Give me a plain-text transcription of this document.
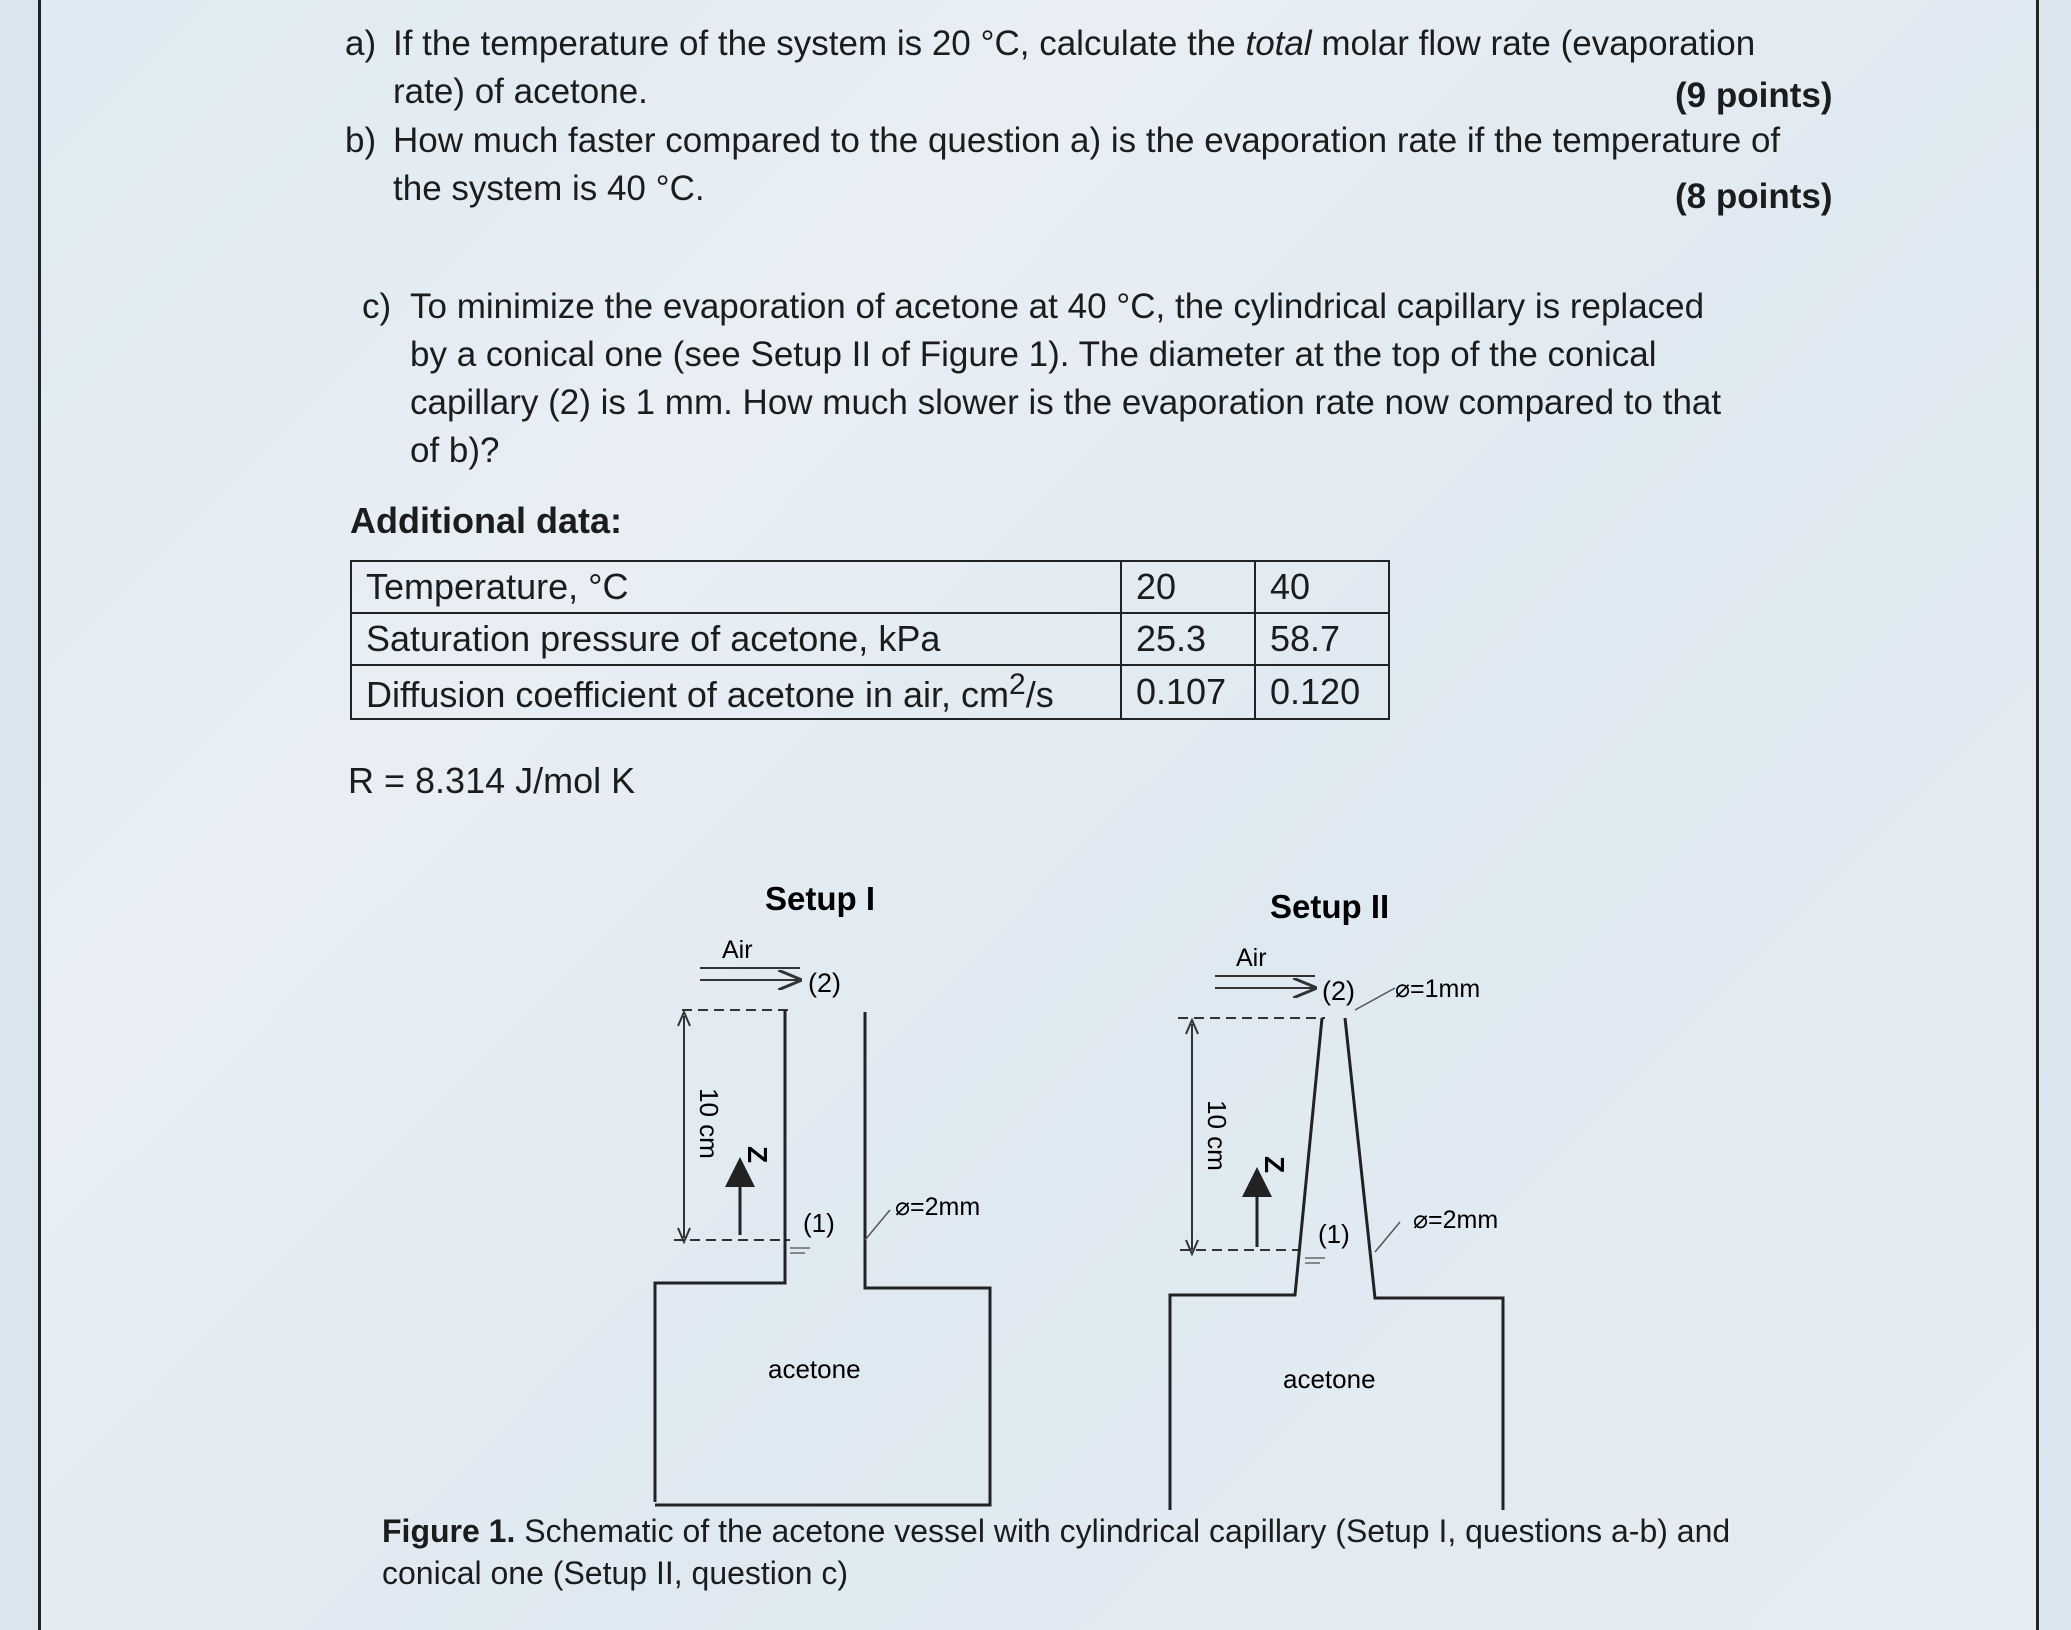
a) If the temperature of the system is 20 °C, calculate the total molar flow rate (evaporation rate) of acetone.	(9 points)
b) How much faster compared to the question a) is the evaporation rate if the temperature of the system is 40 °C.	(8 points)
c) To minimize the evaporation of acetone at 40 °C, the cylindrical capillary is replaced by a conical one (see Setup II of Figure 1). The diameter at the top of the conical capillary (2) is 1 mm. How much slower is the evaporation rate now compared to that of b)?
Additional data:
Temperature, °C	20	40
Saturation pressure of acetone, kPa	25.3	58.7
Diffusion coefficient of acetone in air, $cm^2/s$	0.107	0.120
R = 8.314 J/mol K
Setup I
Air
(2)
10 cm Z
(1)
⌀=2mm
acetone
Setup II
Air
(2) ⌀=1mm
10 cm Z
(1)	⌀=2mm
acetone
Figure 1. Schematic of the acetone vessel with cylindrical capillary (Setup I, questions a-b) and conical one (Setup II, question c)
